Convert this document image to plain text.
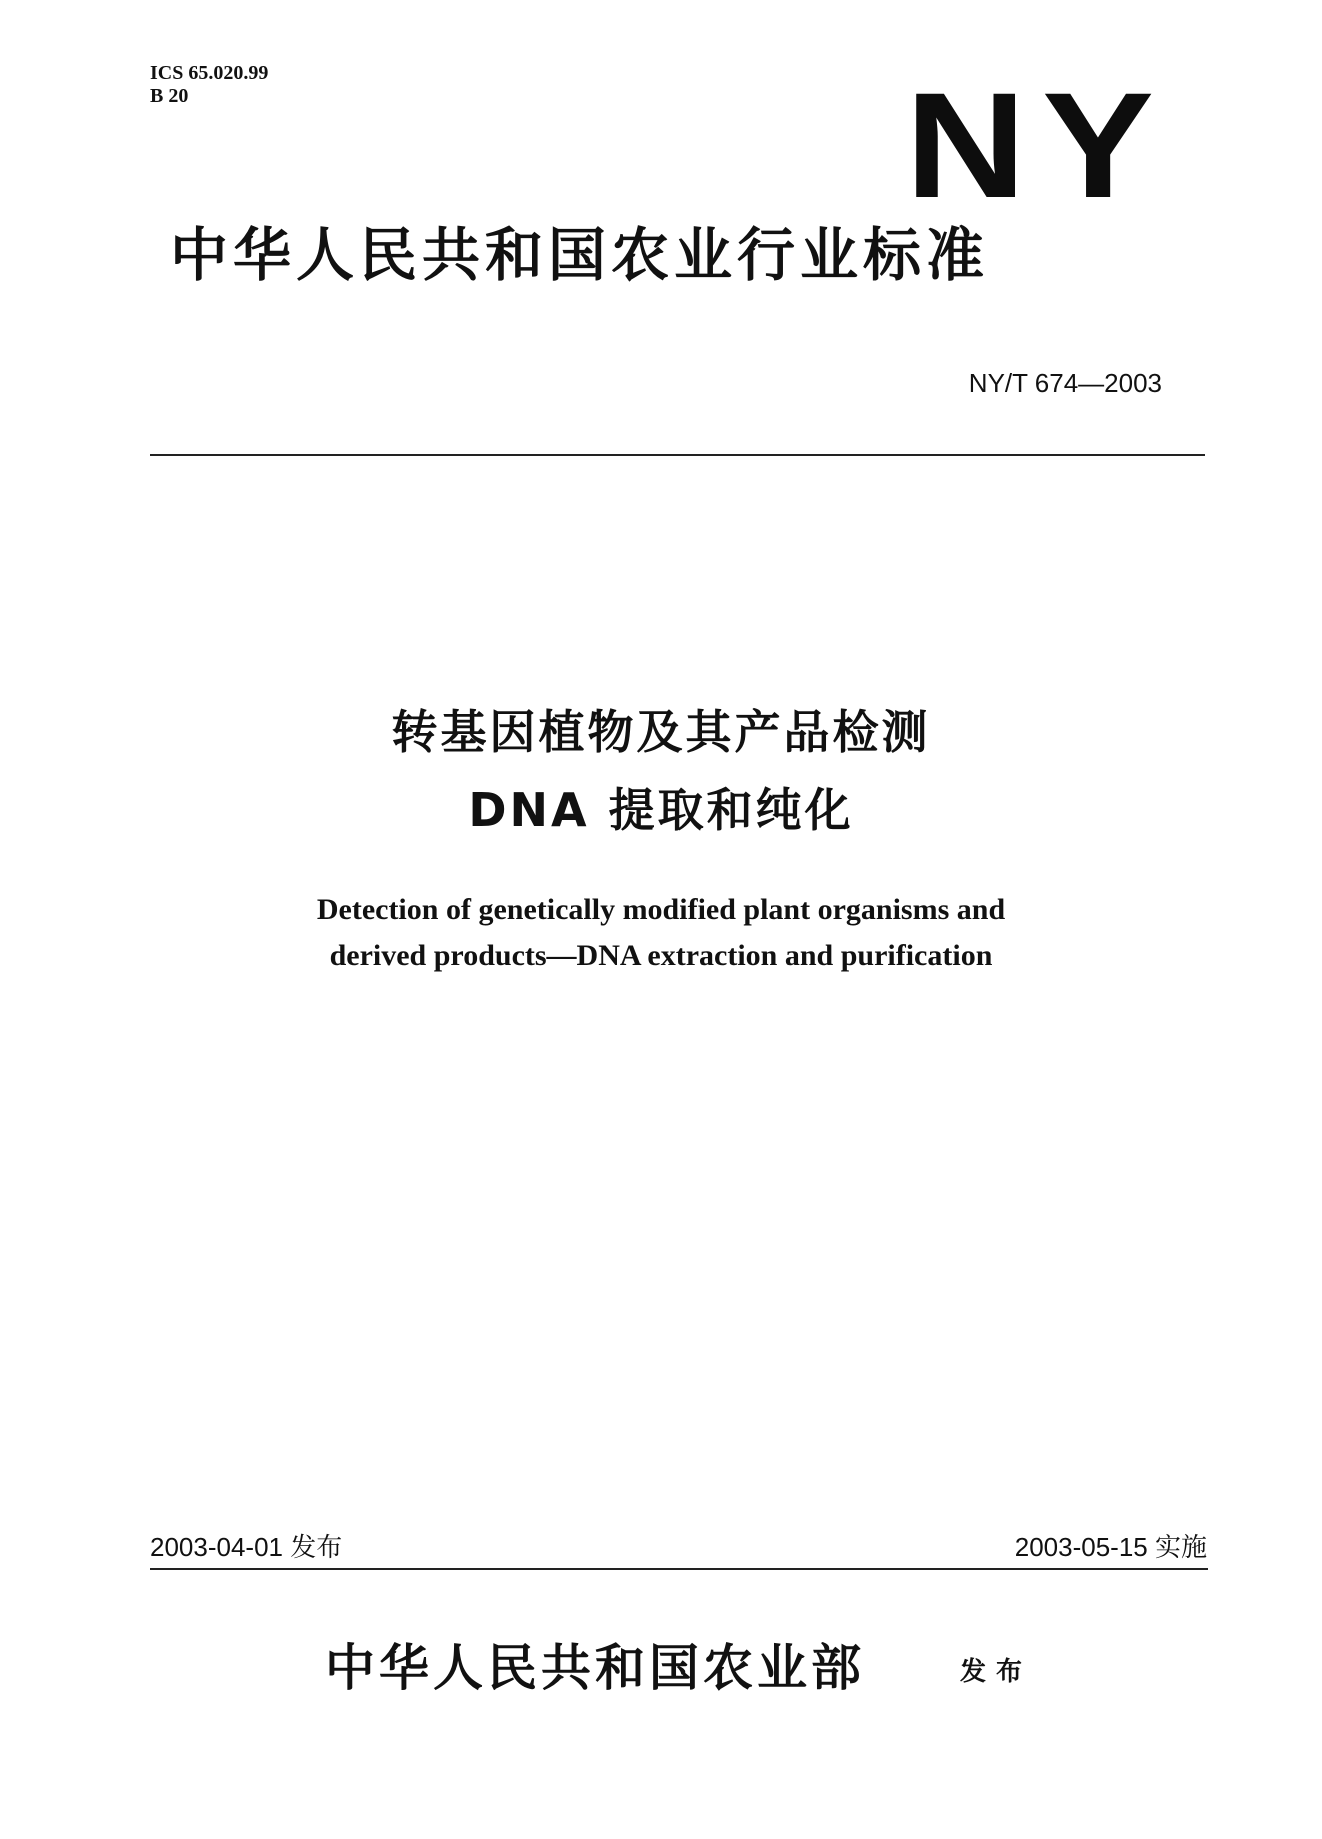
ICS 65.020.99
B 20	NY
中华人民共和国农业行业标准
NY/T 674—2003
转基因植物及其产品检测
DNA 提取和纯化
Detection of genetically modified plant organisms and
derived products—DNA extraction and purification
2003-04-01 发布	2003-05-15 实施
中华人民共和国农业部	发布
